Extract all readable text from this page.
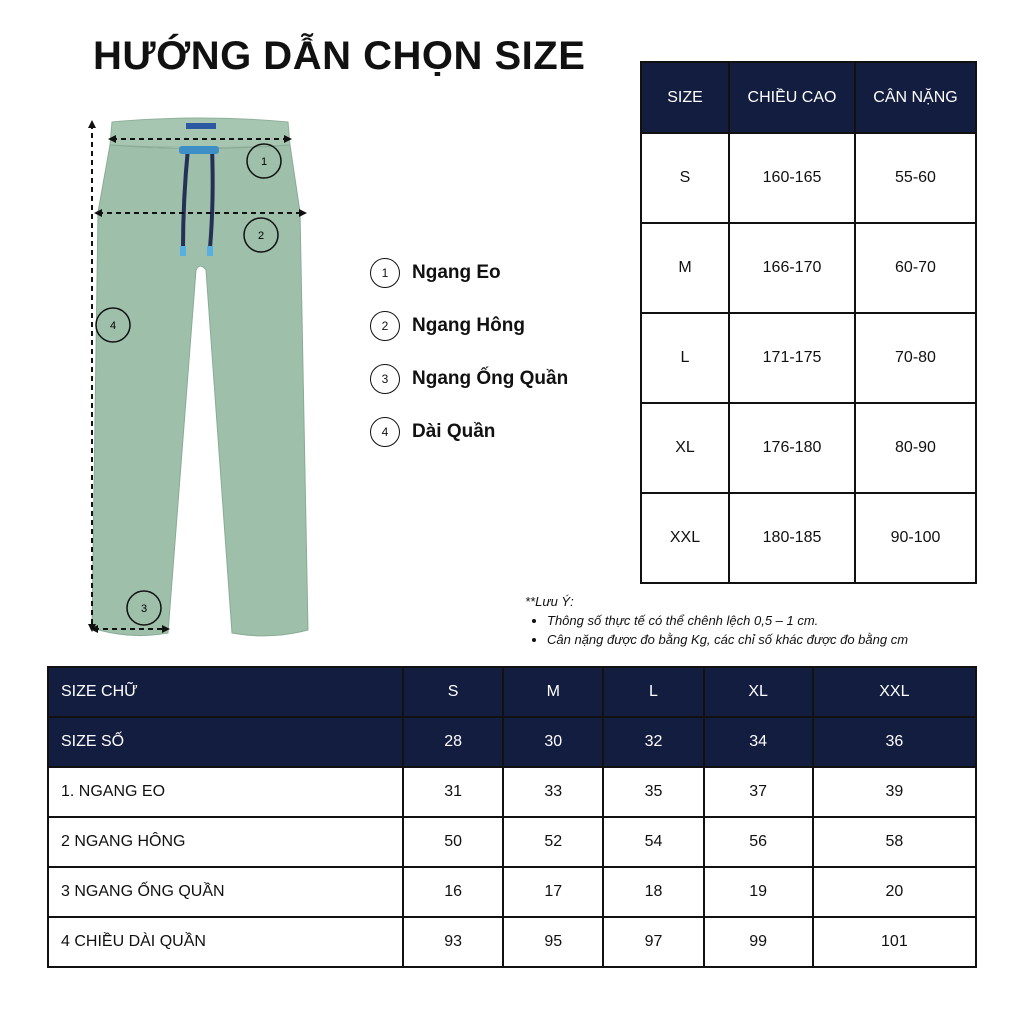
HƯỚNG DẪN CHỌN SIZE
1
2
4
3
1	Ngang Eo
2	Ngang Hông
3	Ngang Ống Quần
4	Dài Quần
SIZE	CHIỀU CAO	CÂN NẶNG
S	160-165	55-60
M	166-170	60-70
L	171-175	70-80
XL	176-180	80-90
XXL	180-185	90-100
**Lưu Ý:
• Thông số thực tế có thể chênh lệch 0,5 – 1 cm.
• Cân nặng được đo bằng Kg, các chỉ số khác được đo bằng cm
SIZE CHỮ	S	M	L	XL	XXL
SIZE SỐ	28	30	32	34	36
1. NGANG EO	31	33	35	37	39
2 NGANG HÔNG	50	52	54	56	58
3 NGANG ỐNG QUẦN	16	17	18	19	20
4 CHIỀU DÀI QUẦN	93	95	97	99	101
